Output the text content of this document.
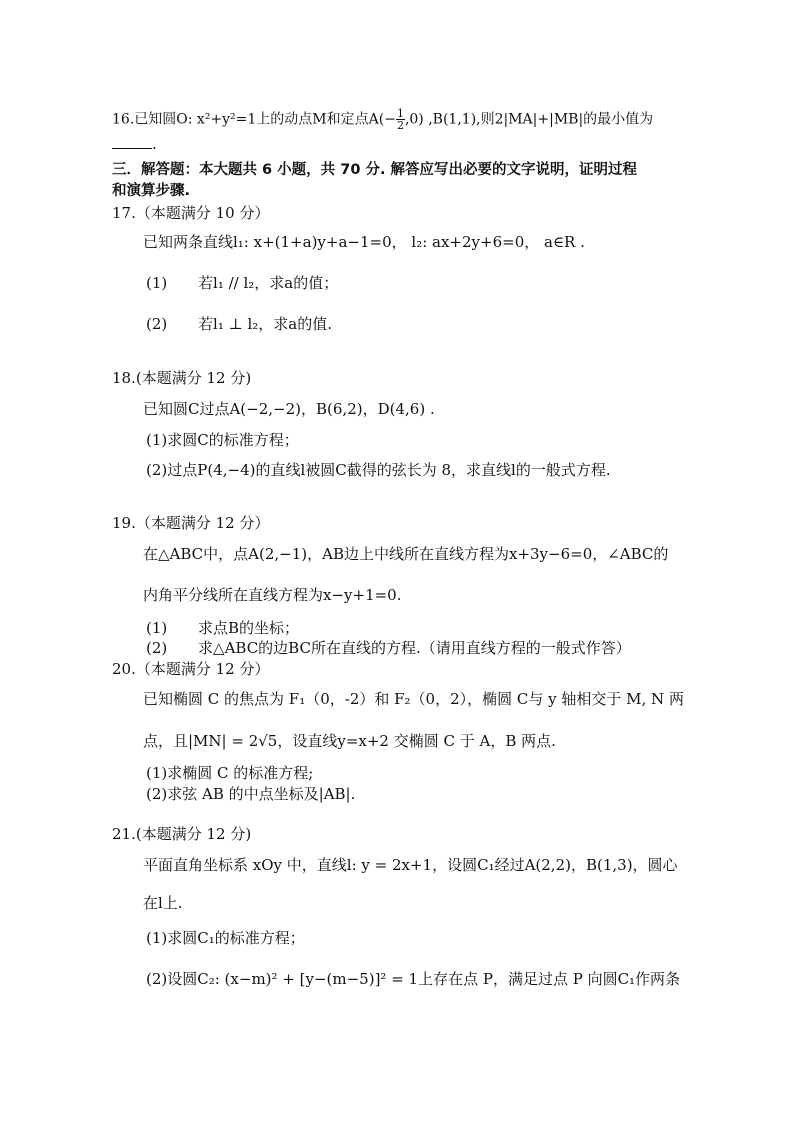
16.已知圆O: x²+y²=1上的动点M和定点$A(- \frac{1}{2} ,0)$ ,B(1,1),则2|MA|+|MB|的最小值为
.
三．解答题：本大题共 6 小题，共 70 分. 解答应写出必要的文字说明，证明过程
和演算步骤.
17.（本题满分 10 分）
已知两条直线l₁: x+(1+a)y+a−1=0， l₂: ax+2y+6=0， a∈R .
(1) 若l₁ // l₂，求a的值；
(2) 若l₁ ⊥ l₂，求a的值.
18.(本题满分 12 分)
已知圆C过点A(−2,−2)，B(6,2)，D(4,6) .
(1)求圆C的标准方程；
(2)过点P(4,−4)的直线l被圆C截得的弦长为 8，求直线l的一般式方程.
19.（本题满分 12 分）
在△ABC中，点A(2,−1)，AB边上中线所在直线方程为x+3y−6=0，∠ABC的
内角平分线所在直线方程为x−y+1=0.
(1) 求点B的坐标；
(2) 求△ABC的边BC所在直线的方程.（请用直线方程的一般式作答）
20.（本题满分 12 分）
已知椭圆 C 的焦点为 F₁（0，-2）和 F₂（0，2），椭圆 C与 y 轴相交于 M, N 两
点，且|MN| = 2√5，设直线y=x+2 交椭圆 C 于 A，B 两点.
(1)求椭圆 C 的标准方程;
(2)求弦 AB 的中点坐标及|AB|.
21.(本题满分 12 分)
平面直角坐标系 xOy 中，直线l: y = 2x+1，设圆C₁经过A(2,2)，B(1,3)，圆心
在l上.
(1)求圆C₁的标准方程；
(2)设圆C₂: (x−m)² + [y−(m−5)]² = 1上存在点 P，满足过点 P 向圆C₁作两条
